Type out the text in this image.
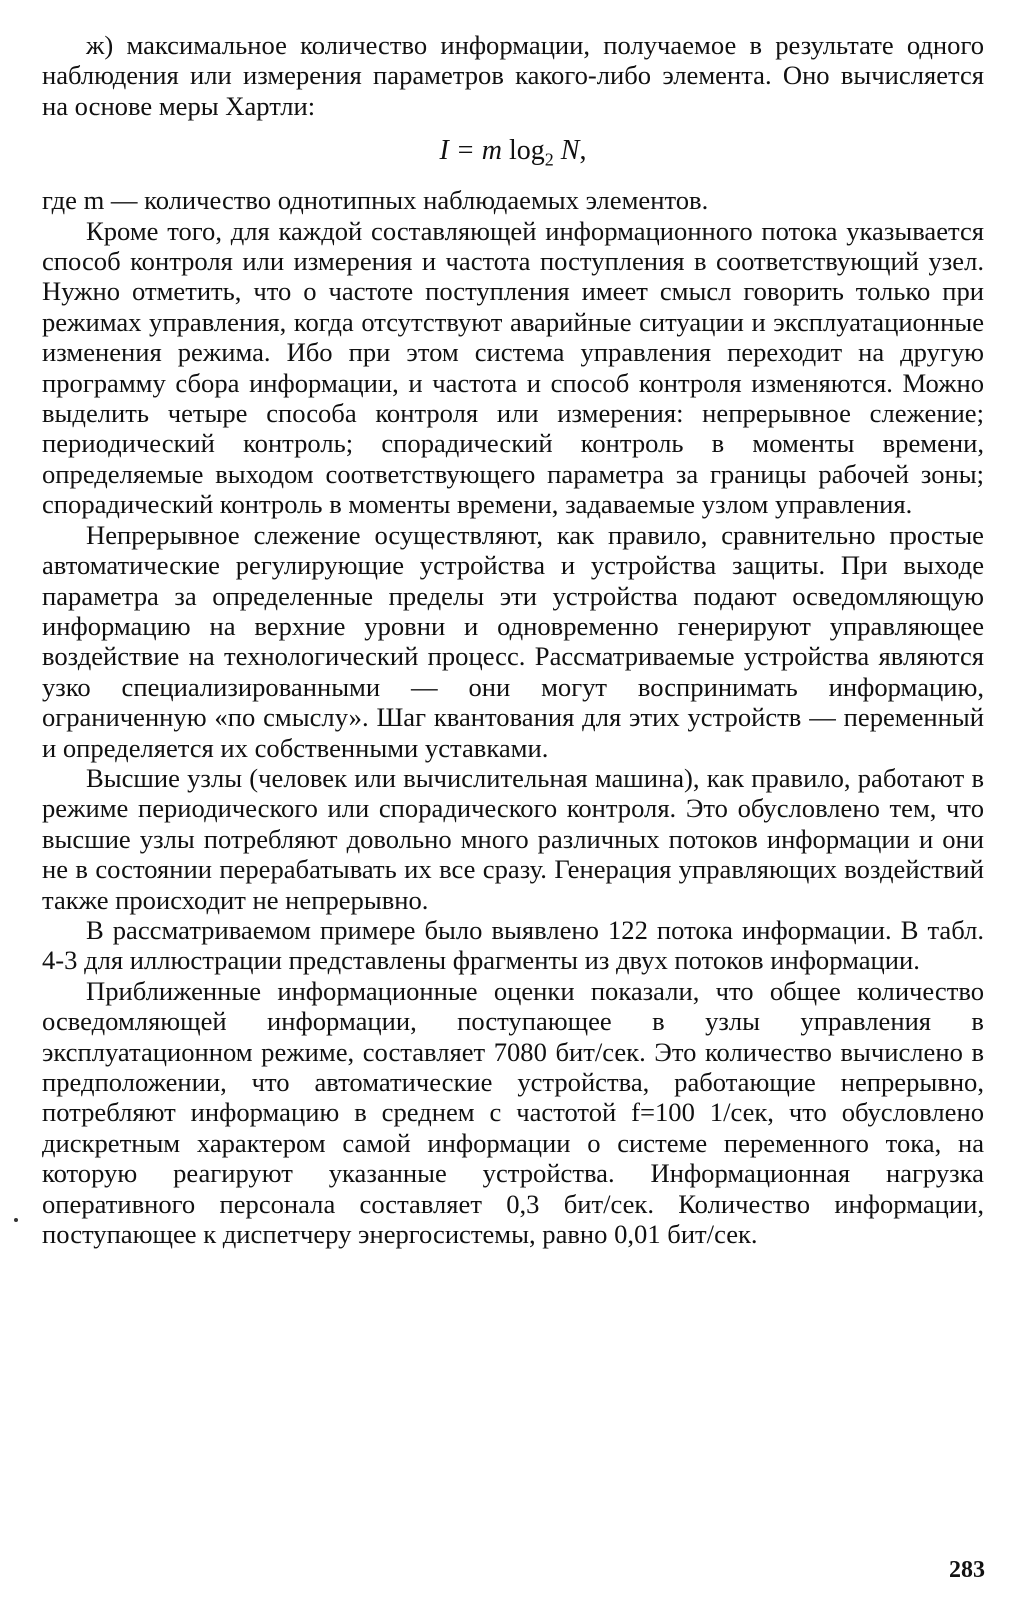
ж) максимальное количество информации, получаемое в результате одного наблюдения или измерения параметров какого-либо элемента. Оно вычисляется на основе меры Хартли:

I = m $\log_2 N$,

где m — количество однотипных наблюдаемых элементов.

Кроме того, для каждой составляющей информационного потока указывается способ контроля или измерения и частота поступления в соответствующий узел. Нужно отметить, что о частоте поступления имеет смысл говорить только при режимах управления, когда отсутствуют аварийные ситуации и эксплуатационные изменения режима. Ибо при этом система управления переходит на другую программу сбора информации, и частота и способ контроля изменяются. Можно выделить четыре способа контроля или измерения: непрерывное слежение; периодический контроль; спорадический контроль в моменты времени, определяемые выходом соответствующего параметра за границы рабочей зоны; спорадический контроль в моменты времени, задаваемые узлом управления.

Непрерывное слежение осуществляют, как правило, сравнительно простые автоматические регулирующие устройства и устройства защиты. При выходе параметра за определенные пределы эти устройства подают осведомляющую информацию на верхние уровни и одновременно генерируют управляющее воздействие на технологический процесс. Рассматриваемые устройства являются узко специализированными — они могут воспринимать информацию, ограниченную «по смыслу». Шаг квантования для этих устройств — переменный и определяется их собственными уставками.

Высшие узлы (человек или вычислительная машина), как правило, работают в режиме периодического или спорадического контроля. Это обусловлено тем, что высшие узлы потребляют довольно много различных потоков информации и они не в состоянии перерабатывать их все сразу. Генерация управляющих воздействий также происходит не непрерывно.

В рассматриваемом примере было выявлено 122 потока информации. В табл. 4-3 для иллюстрации представлены фрагменты из двух потоков информации.

Приближенные информационные оценки показали, что общее количество осведомляющей информации, поступающее в узлы управления в эксплуатационном режиме, составляет 7080 бит/сек. Это количество вычислено в предположении, что автоматические устройства, работающие непрерывно, потребляют информацию в среднем с частотой f=100 1/сек, что обусловлено дискретным характером самой информации о системе переменного тока, на которую реагируют указанные устройства. Информационная нагрузка оперативного персонала составляет 0,3 бит/сек. Количество информации, поступающее к диспетчеру энергосистемы, равно 0,01 бит/сек.

283
